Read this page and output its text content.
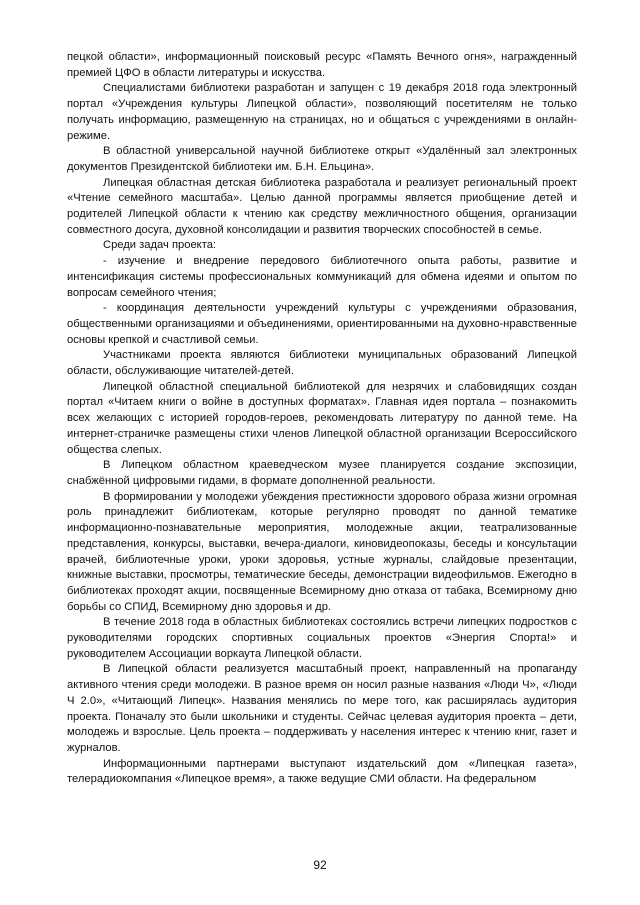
пецкой области», информационный поисковый ресурс «Память Вечного огня», награжденный премией ЦФО в области литературы и искусства.

Специалистами библиотеки разработан и запущен с 19 декабря 2018 года электронный портал «Учреждения культуры Липецкой области», позволяющий посетителям не только получать информацию, размещенную на страницах, но и общаться с учреждениями в онлайн-режиме.

В областной универсальной научной библиотеке открыт «Удалённый зал электронных документов Президентской библиотеки им. Б.Н. Ельцина».

Липецкая областная детская библиотека разработала и реализует региональный проект «Чтение семейного масштаба». Целью данной программы является приобщение детей и родителей Липецкой области к чтению как средству межличностного общения, организации совместного досуга, духовной консолидации и развития творческих способностей в семье.

Среди задач проекта:

- изучение и внедрение передового библиотечного опыта работы, развитие и интенсификация системы профессиональных коммуникаций для обмена идеями и опытом по вопросам семейного чтения;

- координация деятельности учреждений культуры с учреждениями образования, общественными организациями и объединениями, ориентированными на духовно-нравственные основы крепкой и счастливой семьи.

Участниками проекта являются библиотеки муниципальных образований Липецкой области, обслуживающие читателей-детей.

Липецкой областной специальной библиотекой для незрячих и слабовидящих создан портал «Читаем книги о войне в доступных форматах». Главная идея портала – познакомить всех желающих с историей городов-героев, рекомендовать литературу по данной теме. На интернет-страничке размещены стихи членов Липецкой областной организации Всероссийского общества слепых.

В Липецком областном краеведческом музее планируется создание экспозиции, снабжённой цифровыми гидами, в формате дополненной реальности.

В формировании у молодежи убеждения престижности здорового образа жизни огромная роль принадлежит библиотекам, которые регулярно проводят по данной тематике информационно-познавательные мероприятия, молодежные акции, театрализованные представления, конкурсы, выставки, вечера-диалоги, киновидеопоказы, беседы и консультации врачей, библиотечные уроки, уроки здоровья, устные журналы, слайдовые презентации, книжные выставки, просмотры, тематические беседы, демонстрации видеофильмов. Ежегодно в библиотеках проходят акции, посвященные Всемирному дню отказа от табака, Всемирному дню борьбы со СПИД, Всемирному дню здоровья и др.

В течение 2018 года в областных библиотеках состоялись встречи липецких подростков с руководителями городских спортивных социальных проектов «Энергия Спорта!» и руководителем Ассоциации воркаута Липецкой области.

В Липецкой области реализуется масштабный проект, направленный на пропаганду активного чтения среди молодежи. В разное время он носил разные названия «Люди Ч», «Люди Ч 2.0», «Читающий Липецк». Названия менялись по мере того, как расширялась аудитория проекта. Поначалу это были школьники и студенты. Сейчас целевая аудитория проекта – дети, молодежь и взрослые. Цель проекта – поддерживать у населения интерес к чтению книг, газет и журналов.

Информационными партнерами выступают издательский дом «Липецкая газета», телерадиокомпания «Липецкое время», а также ведущие СМИ области. На федеральном

92
